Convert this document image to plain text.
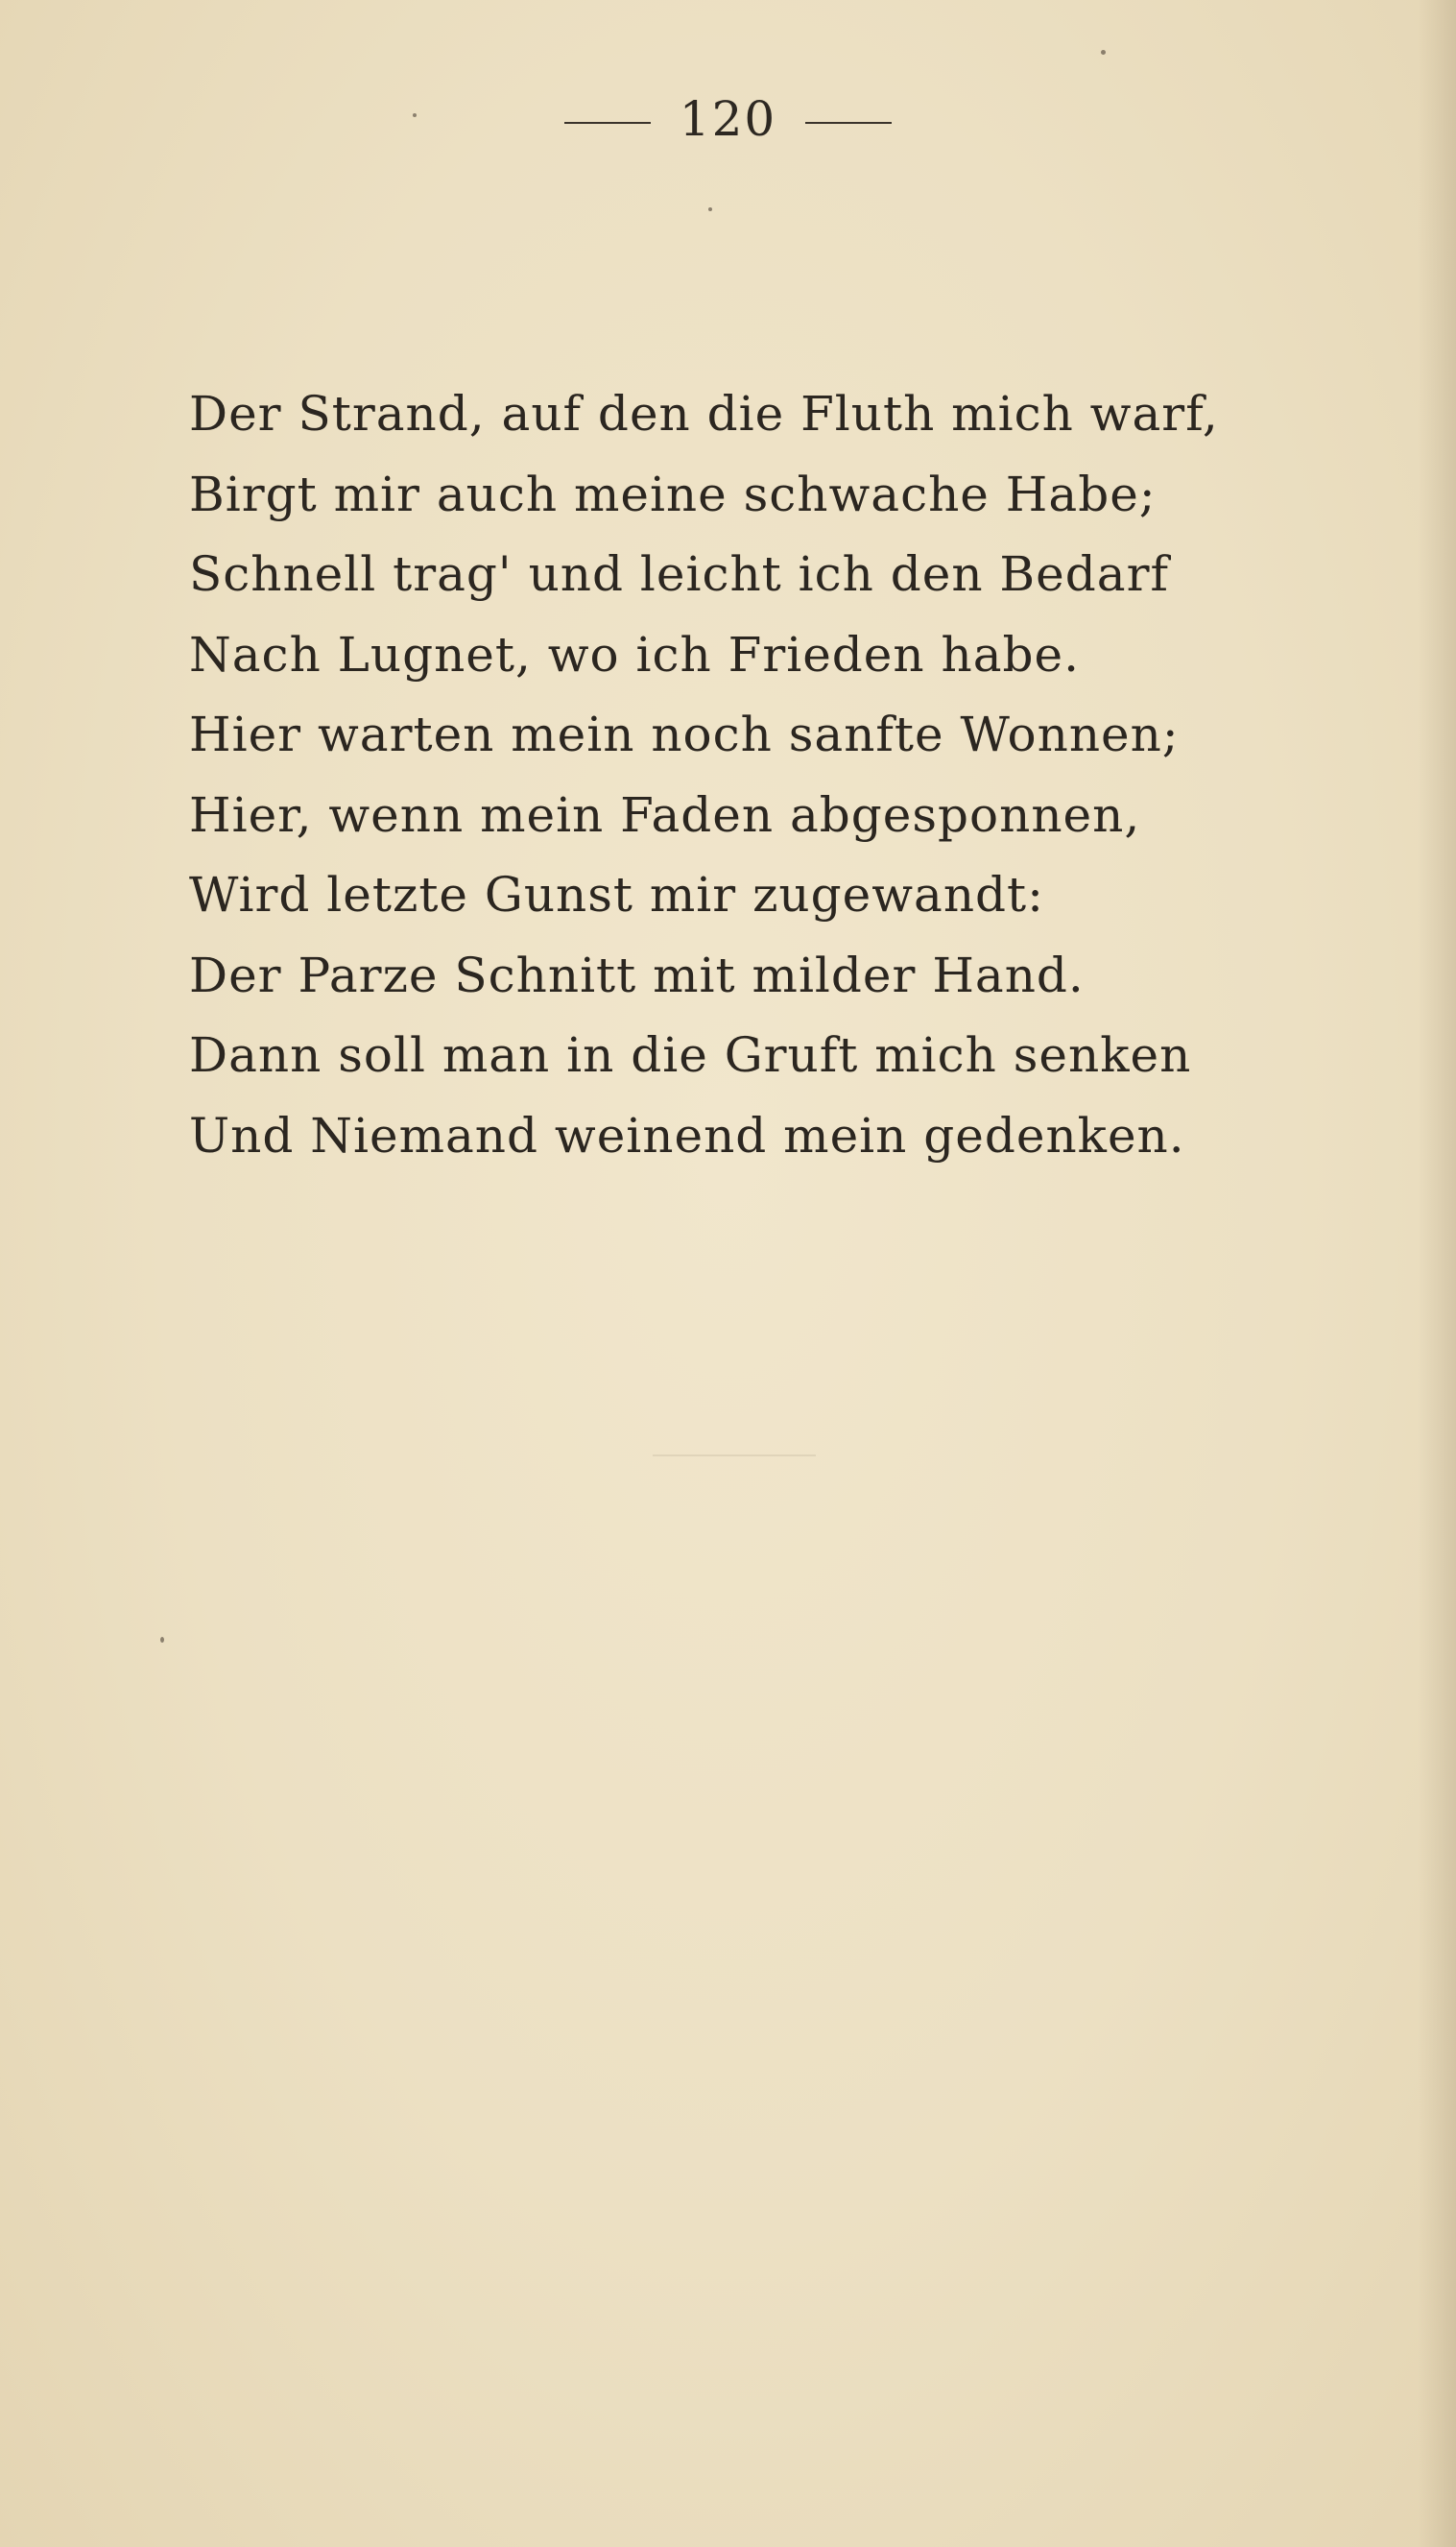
120
Der Strand, auf den die Fluth mich warf,
Birgt mir auch meine schwache Habe;
Schnell trag' und leicht ich den Bedarf
Nach Lugnet, wo ich Frieden habe.
Hier warten mein noch sanfte Wonnen;
Hier, wenn mein Faden abgesponnen,
Wird letzte Gunst mir zugewandt:
Der Parze Schnitt mit milder Hand.
Dann soll man in die Gruft mich senken
Und Niemand weinend mein gedenken.
